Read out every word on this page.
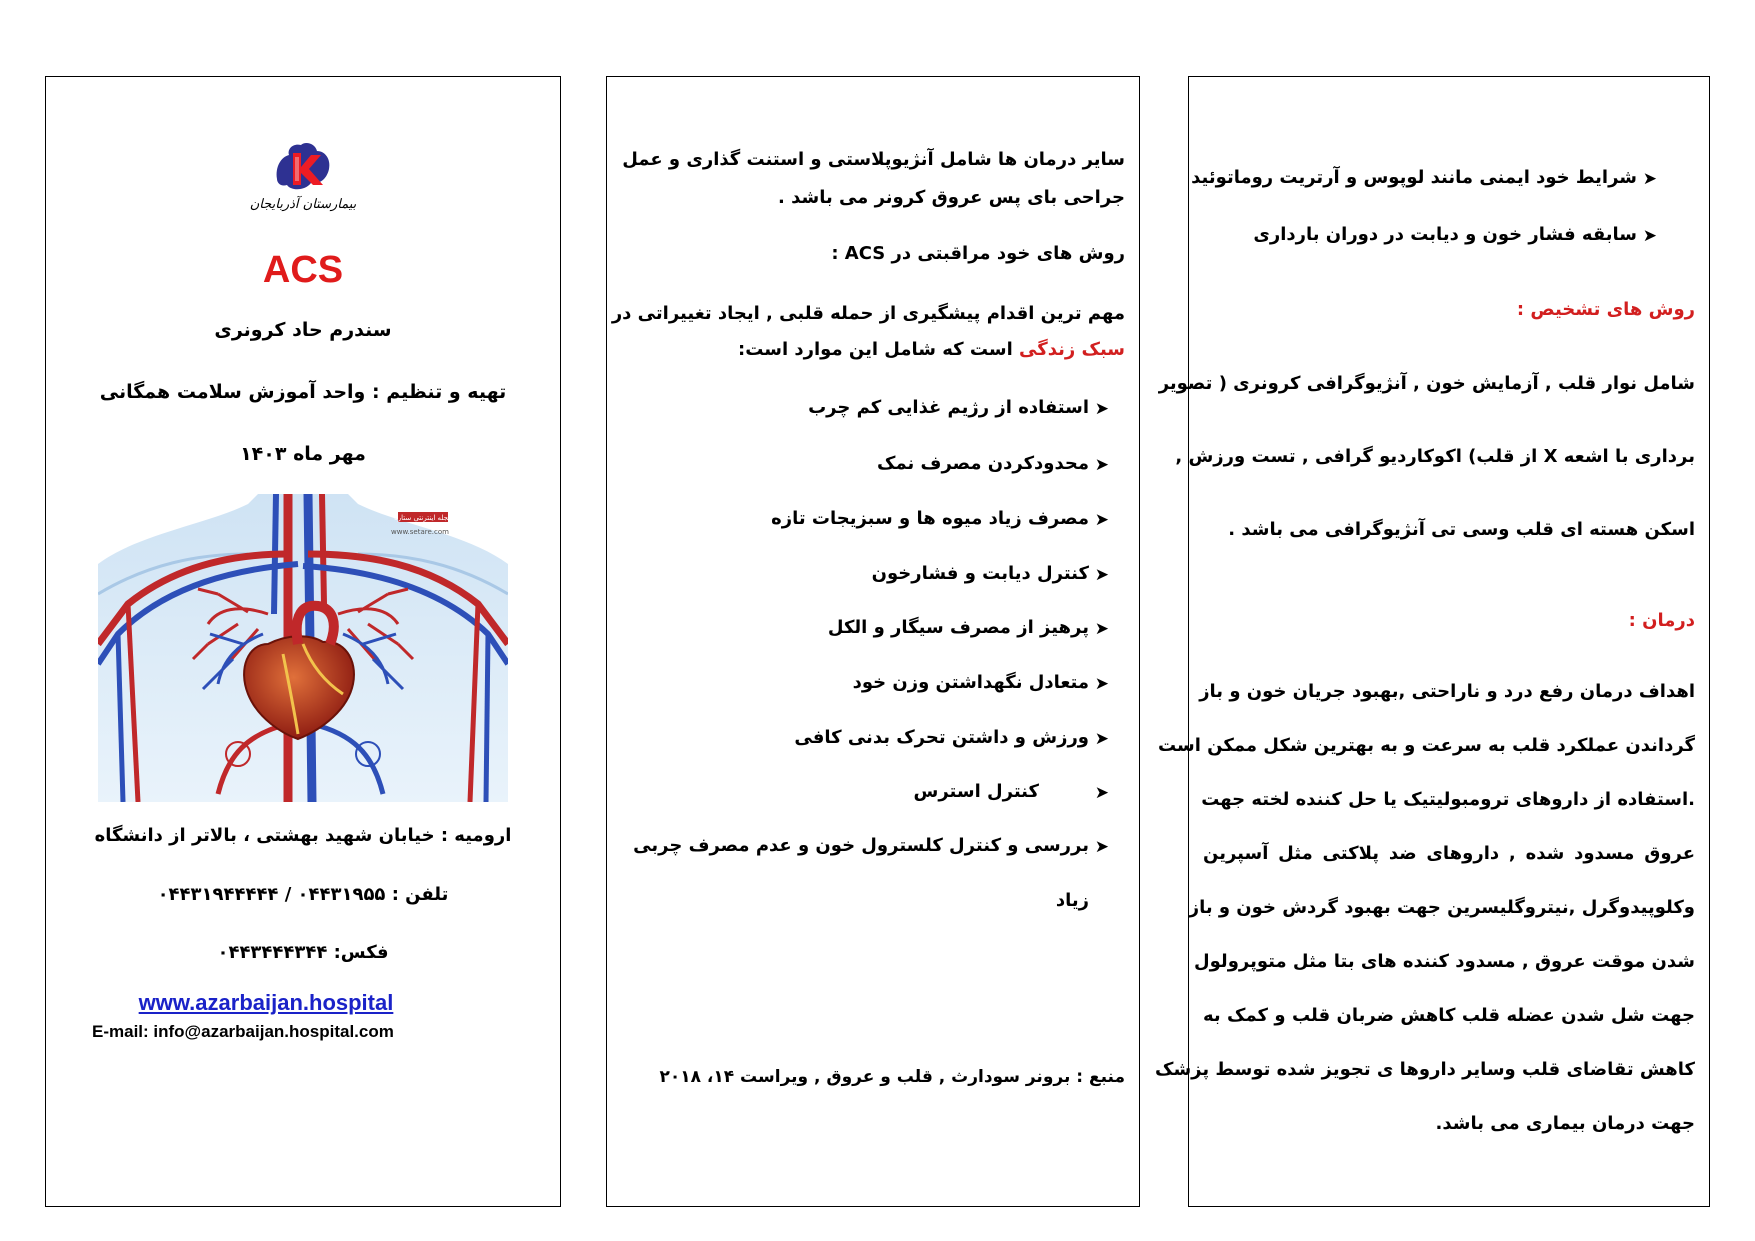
بیمارستان آذربایجان
ACS
سندرم حاد کرونری
تهیه و تنظیم : واحد آموزش سلامت همگانی
مهر ماه ۱۴۰۳
مجله اینترنتی ستاره
www.setare.com
ارومیه : خیابان شهید بهشتی ، بالاتر از دانشگاه
تلفن : ۰۴۴۳۱۹۵۵ / ۰۴۴۳۱۹۴۴۴۴۴
فکس: ۰۴۴۳۴۴۴۳۴۴
www.azarbaijan.hospital
E-mail: info@azarbaijan.hospital.com
سایر درمان ها شامل آنژیوپلاستی و استنت گذاری و عمل
جراحی بای پس عروق کرونر می باشد .
روش های خود مراقبتی در ACS :
مهم ترین اقدام پیشگیری از حمله قلبی , ایجاد تغییراتی در
سبک زندگی است که شامل این موارد است:
➤
استفاده از رژیم غذایی کم چرب
➤
محدودکردن مصرف نمک
➤
مصرف زیاد میوه ها و سبزیجات تازه
➤
کنترل دیابت و فشارخون
➤
پرهیز از مصرف سیگار و الکل
➤
متعادل نگهداشتن وزن خود
➤
ورزش و داشتن تحرک بدنی کافی
➤
کنترل استرس
➤
بررسی و کنترل کلسترول خون و عدم مصرف چربی
زیاد
منبع : برونر سودارث , قلب و عروق , ویراست ۱۴، ۲۰۱۸
➤
شرایط خود ایمنی مانند لوپوس و آرتریت روماتوئید
➤
سابقه فشار خون و دیابت در دوران بارداری
روش های تشخیص :
شامل نوار قلب , آزمایش خون , آنژیوگرافی کرونری ( تصویر
برداری با اشعه X از قلب) اکوکاردیو گرافی , تست ورزش ,
اسکن هسته ای قلب وسی تی آنژیوگرافی می باشد .
درمان :
اهداف درمان رفع درد و ناراحتی ,بهبود جریان خون و باز
گرداندن عملکرد قلب به سرعت و به بهترین شکل ممکن است
.استفاده از داروهای ترومبولیتیک یا حل کننده لخته جهت
عروق مسدود شده , داروهای ضد پلاکتی مثل آسپرین
وکلوپیدوگرل ,نیتروگلیسرین جهت بهبود گردش خون و باز
شدن موقت عروق , مسدود کننده های بتا مثل متوپرولول
جهت شل شدن عضله قلب کاهش ضربان قلب و کمک به
کاهش تقاضای قلب وسایر داروها ی تجویز شده توسط پزشک
جهت درمان بیماری می باشد.
